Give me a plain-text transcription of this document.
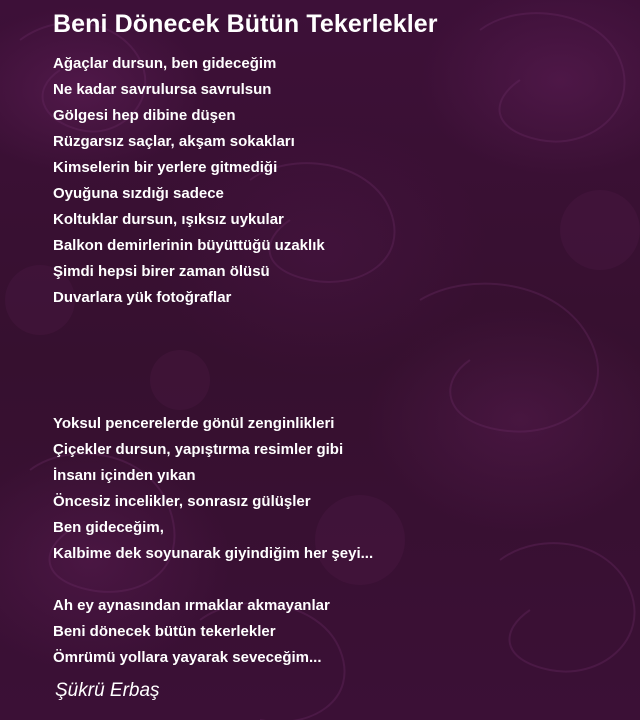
Beni Dönecek Bütün Tekerlekler
Ağaçlar dursun, ben gideceğim
Ne kadar savrulursa savrulsun
Gölgesi hep dibine düşen
Rüzgarsız saçlar, akşam sokakları
Kimselerin bir yerlere gitmediği
Oyuğuna sızdığı sadece
Koltuklar dursun, ışıksız uykular
Balkon demirlerinin büyüttüğü uzaklık
Şimdi hepsi birer zaman ölüsü
Duvarlara yük fotoğraflar
Yoksul pencerelerde gönül zenginlikleri
Çiçekler dursun, yapıştırma resimler gibi
İnsanı içinden yıkan
Öncesiz incelikler, sonrasız gülüşler
Ben gideceğim,
Kalbime dek soyunarak giyindiğim her şeyi...
Ah ey aynasından ırmaklar akmayanlar
Beni dönecek bütün tekerlekler
Ömrümü yollara yayarak seveceğim...
Şükrü Erbaş
